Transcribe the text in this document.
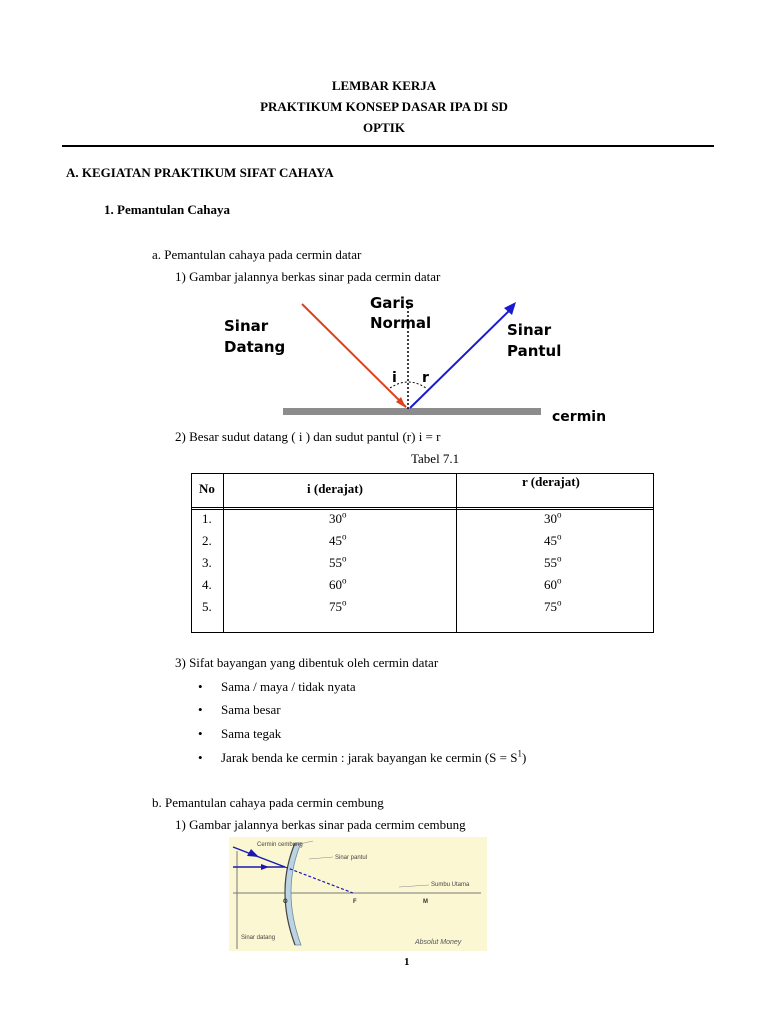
LEMBAR KERJA
PRAKTIKUM KONSEP DASAR IPA DI SD
OPTIK
A. KEGIATAN PRAKTIKUM SIFAT CAHAYA
1. Pemantulan Cahaya
a. Pemantulan cahaya pada cermin datar
1) Gambar jalannya berkas sinar pada cermin datar
Garis
Normal
Sinar
Datang
Sinar
Pantul
i r
cermin
2) Besar sudut datang ( i ) dan sudut pantul (r) i = r
Tabel 7.1
No	i (derajat)	r (derajat)
1.	30$^o$	30$^o$
2.	45$^o$	45$^o$
3.	55$^o$	55$^o$
4.	60$^o$	60$^o$
5.	75$^o$	75$^o$
3) Sifat bayangan yang dibentuk oleh cermin datar
• Sama / maya / tidak nyata
• Sama besar
• Sama tegak
• Jarak benda ke cermin : jarak bayangan ke cermin $(S = S^1)$
b. Pemantulan cahaya pada cermin cembung
1) Gambar jalannya berkas sinar pada cermim cembung
Cermin cembung
Sinar pantul
Sumbu Utama
O	F	M
Sinar datang
Absolut Money
1
